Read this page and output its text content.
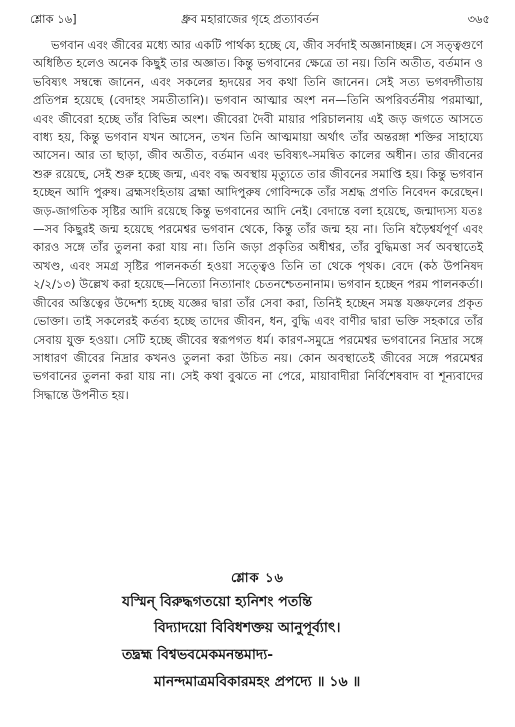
শ্লোক ১৬]	ধ্রুব মহারাজের গৃহে প্রত্যাবর্তন	৩৬৫

ভগবান এবং জীবের মধ্যে আর একটি পার্থক্য হচ্ছে যে, জীব সর্বদাই অজ্ঞানাচ্ছন্ন। সে সত্ত্বগুণে অধিষ্ঠিত হলেও অনেক কিছুই তার অজ্ঞাত। কিন্তু ভগবানের ক্ষেত্রে তা নয়। তিনি অতীত, বর্তমান ও ভবিষ্যৎ সম্বন্ধে জানেন, এবং সকলের হৃদয়ের সব কথা তিনি জানেন। সেই সত্য ভগবদ্গীতায় প্রতিপন্ন হয়েছে (বেদাহং সমতীতানি)। ভগবান আত্মার অংশ নন—তিনি অপরিবর্তনীয় পরমাত্মা, এবং জীবেরা হচ্ছে তাঁর বিভিন্ন অংশ। জীবেরা দৈবী মায়ার পরিচালনায় এই জড় জগতে আসতে বাধ্য হয়, কিন্তু ভগবান যখন আসেন, তখন তিনি আত্মমায়া অর্থাৎ তাঁর অন্তরঙ্গা শক্তির সাহায্যে আসেন। আর তা ছাড়া, জীব অতীত, বর্তমান এবং ভবিষ্যৎ-সমন্বিত কালের অধীন। তার জীবনের শুরু রয়েছে, সেই শুরু হচ্ছে জন্ম, এবং বদ্ধ অবস্থায় মৃত্যুতে তার জীবনের সমাপ্তি হয়। কিন্তু ভগবান হচ্ছেন আদি পুরুষ। ব্রহ্মসংহিতায় ব্রহ্মা আদিপুরুষ গোবিন্দকে তাঁর সশ্রদ্ধ প্রণতি নিবেদন করেছেন। জড়-জাগতিক সৃষ্টির আদি রয়েছে কিন্তু ভগবানের আদি নেই। বেদান্তে বলা হয়েছে, জন্মাদ্যস্য যতঃ—সব কিছুরই জন্ম হয়েছে পরমেশ্বর ভগবান থেকে, কিন্তু তাঁর জন্ম হয় না। তিনি ষড়ৈশ্বর্যপূর্ণ এবং কারও সঙ্গে তাঁর তুলনা করা যায় না। তিনি জড়া প্রকৃতির অধীশ্বর, তাঁর বুদ্ধিমত্তা সর্ব অবস্থাতেই অখণ্ড, এবং সমগ্র সৃষ্টির পালনকর্তা হওয়া সত্ত্বেও তিনি তা থেকে পৃথক। বেদে (কঠ উপনিষদ ২/২/১৩) উল্লেখ করা হয়েছে—নিত্যো নিত্যানাং চেতনশ্চেতনানাম। ভগবান হচ্ছেন পরম পালনকর্তা। জীবের অস্তিত্বের উদ্দেশ্য হচ্ছে যজ্ঞের দ্বারা তাঁর সেবা করা, তিনিই হচ্ছেন সমস্ত যজ্ঞফলের প্রকৃত ভোক্তা। তাই সকলেরই কর্তব্য হচ্ছে তাদের জীবন, ধন, বুদ্ধি এবং বাণীর দ্বারা ভক্তি সহকারে তাঁর সেবায় যুক্ত হওয়া। সেটি হচ্ছে জীবের স্বরূপগত ধর্ম। কারণ-সমুদ্রে পরমেশ্বর ভগবানের নিদ্রার সঙ্গে সাধারণ জীবের নিদ্রার কখনও তুলনা করা উচিত নয়। কোন অবস্থাতেই জীবের সঙ্গে পরমেশ্বর ভগবানের তুলনা করা যায় না। সেই কথা বুঝতে না পেরে, মায়াবাদীরা নির্বিশেষবাদ বা শূন্যবাদের সিদ্ধান্তে উপনীত হয়।

শ্লোক ১৬
যস্মিন্ বিরুদ্ধগতয়ো হ্যনিশং পতন্তি
বিদ্যাদয়ো বিবিধশক্তয় আনুপূর্ব্যাৎ।
তদ্ব্রহ্ম বিশ্বভবমেকমনন্তমাদ্য-
মানন্দমাত্রমবিকারমহং প্রপদ্যে ॥ ১৬ ॥
